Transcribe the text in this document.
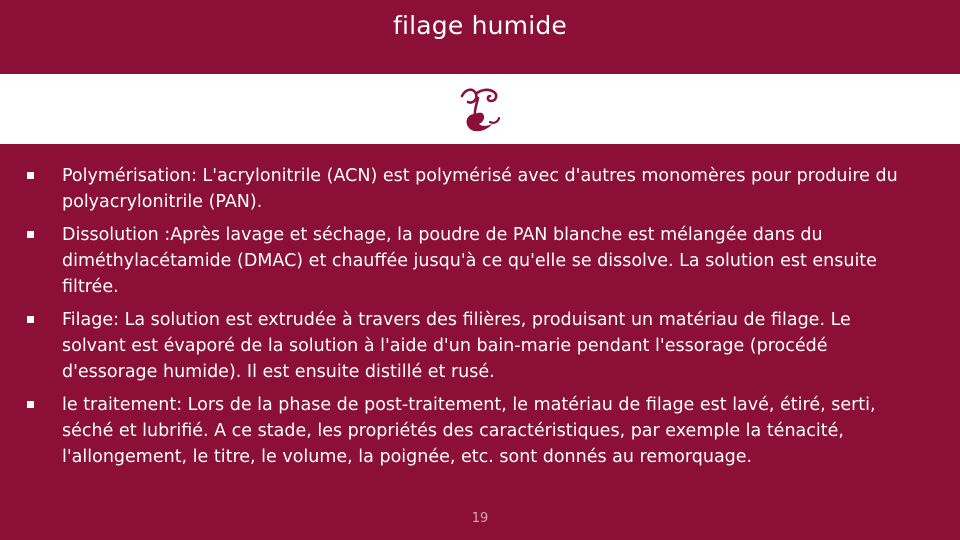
filage humide
Polymérisation: L'acrylonitrile (ACN) est polymérisé avec d'autres monomères pour produire du polyacrylonitrile (PAN).
Dissolution :Après lavage et séchage, la poudre de PAN blanche est mélangée dans du diméthylacétamide (DMAC) et chauffée jusqu'à ce qu'elle se dissolve. La solution est ensuite filtrée.
Filage: La solution est extrudée à travers des filières, produisant un matériau de filage. Le solvant est évaporé de la solution à l'aide d'un bain-marie pendant l'essorage (procédé d'essorage humide). Il est ensuite distillé et rusé.
le traitement: Lors de la phase de post-traitement, le matériau de filage est lavé, étiré, serti, séché et lubrifié. A ce stade, les propriétés des caractéristiques, par exemple la ténacité, l'allongement, le titre, le volume, la poignée, etc. sont donnés au remorquage.
19
